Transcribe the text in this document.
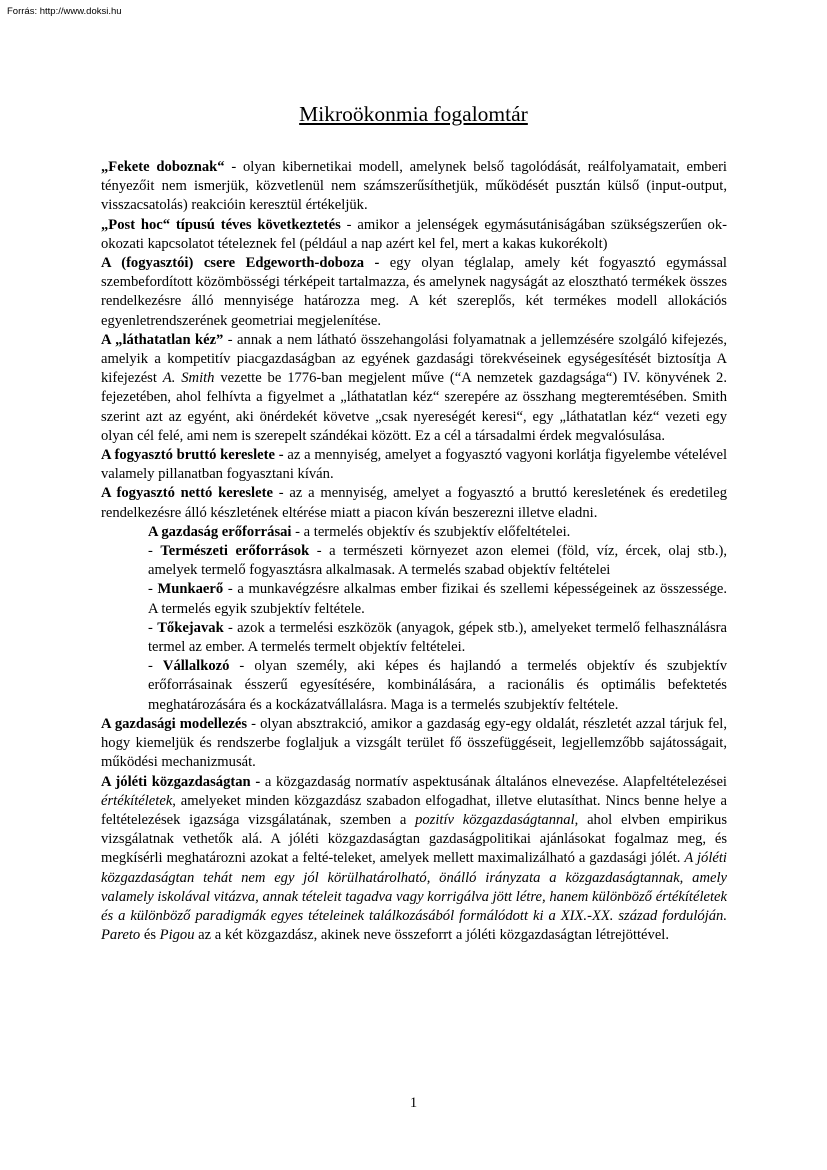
Forrás: http://www.doksi.hu
Mikroökonmia fogalomtár

„Fekete doboznak“ - olyan kibernetikai modell, amelynek belső tagolódását, reálfolyamatait, emberi tényezőit nem ismerjük, közvetlenül nem számszerűsíthetjük, működését pusztán külső (input-output, visszacsatolás) reakcióin keresztül értékeljük.

„Post hoc“ típusú téves következtetés - amikor a jelenségek egymásutániságában szükségszerűen ok-okozati kapcsolatot tételeznek fel (például a nap azért kel fel, mert a kakas kukorékolt)

A (fogyasztói) csere Edgeworth-doboza - egy olyan téglalap, amely két fogyasztó egymással szembefordított közömbösségi térképeit tartalmazza, és amelynek nagyságát az elosztható termékek összes rendelkezésre álló mennyisége határozza meg. A két szereplős, két termékes modell allokációs egyenletrendszerének geometriai megjelenítése.

A „láthatatlan kéz” - annak a nem látható összehangolási folyamatnak a jellemzésére szolgáló kifejezés, amelyik a kompetitív piacgazdaságban az egyének gazdasági törekvéseinek egységesítését biztosítja A kifejezést A. Smith vezette be 1776-ban megjelent műve (“A nemzetek gazdagsága“) IV. könyvének 2. fejezetében, ahol felhívta a figyelmet a „láthatatlan kéz“ szerepére az összhang megteremtésében. Smith szerint azt az egyént, aki önérdekét követve „csak nyereségét keresi“, egy „láthatatlan kéz“ vezeti egy olyan cél felé, ami nem is szerepelt szándékai között. Ez a cél a társadalmi érdek megvalósulása.

A fogyasztó bruttó kereslete - az a mennyiség, amelyet a fogyasztó vagyoni korlátja figyelembe vételével valamely pillanatban fogyasztani kíván.

A fogyasztó nettó kereslete - az a mennyiség, amelyet a fogyasztó a bruttó keresletének és eredetileg rendelkezésre álló készletének eltérése miatt a piacon kíván beszerezni illetve eladni.

A gazdaság erőforrásai - a termelés objektív és szubjektív előfeltételei.

- Természeti erőforrások - a természeti környezet azon elemei (föld, víz, ércek, olaj stb.), amelyek termelő fogyasztásra alkalmasak. A termelés szabad objektív feltételei

- Munkaerő - a munkavégzésre alkalmas ember fizikai és szellemi képességeinek az összessége. A termelés egyik szubjektív feltétele.

- Tőkejavak - azok a termelési eszközök (anyagok, gépek stb.), amelyeket termelő felhasználásra termel az ember. A termelés termelt objektív feltételei.

- Vállalkozó - olyan személy, aki képes és hajlandó a termelés objektív és szubjektív erőforrásainak ésszerű egyesítésére, kombinálására, a racionális és optimális befektetés meghatározására és a kockázatvállalásra. Maga is a termelés szubjektív feltétele.

A gazdasági modellezés - olyan absztrakció, amikor a gazdaság egy-egy oldalát, részletét azzal tárjuk fel, hogy kiemeljük és rendszerbe foglaljuk a vizsgált terület fő összefüggéseit, legjellemzőbb sajátosságait, működési mechanizmusát.

A jóléti közgazdaságtan - a közgazdaság normatív aspektusának általános elnevezése. Alapfeltételezései értékítéletek, amelyeket minden közgazdász szabadon elfogadhat, illetve elutasíthat. Nincs benne helye a feltételezések igazsága vizsgálatának, szemben a pozitív közgazdaságtannal, ahol elvben empirikus vizsgálatnak vethetők alá. A jóléti közgazdaságtan gazdaságpolitikai ajánlásokat fogalmaz meg, és megkísérli meghatározni azokat a felté-teleket, amelyek mellett maximalizálható a gazdasági jólét. A jóléti közgazdaságtan tehát nem egy jól körülhatárolható, önálló irányzata a közgazdaságtannak, amely valamely iskolával vitázva, annak tételeit tagadva vagy korrigálva jött létre, hanem különböző értékítéletek és a különböző paradigmák egyes tételeinek találkozásából formálódott ki a XIX.-XX. század fordulóján. Pareto és Pigou az a két közgazdász, akinek neve összeforrt a jóléti közgazdaságtan létrejöttével.

1
